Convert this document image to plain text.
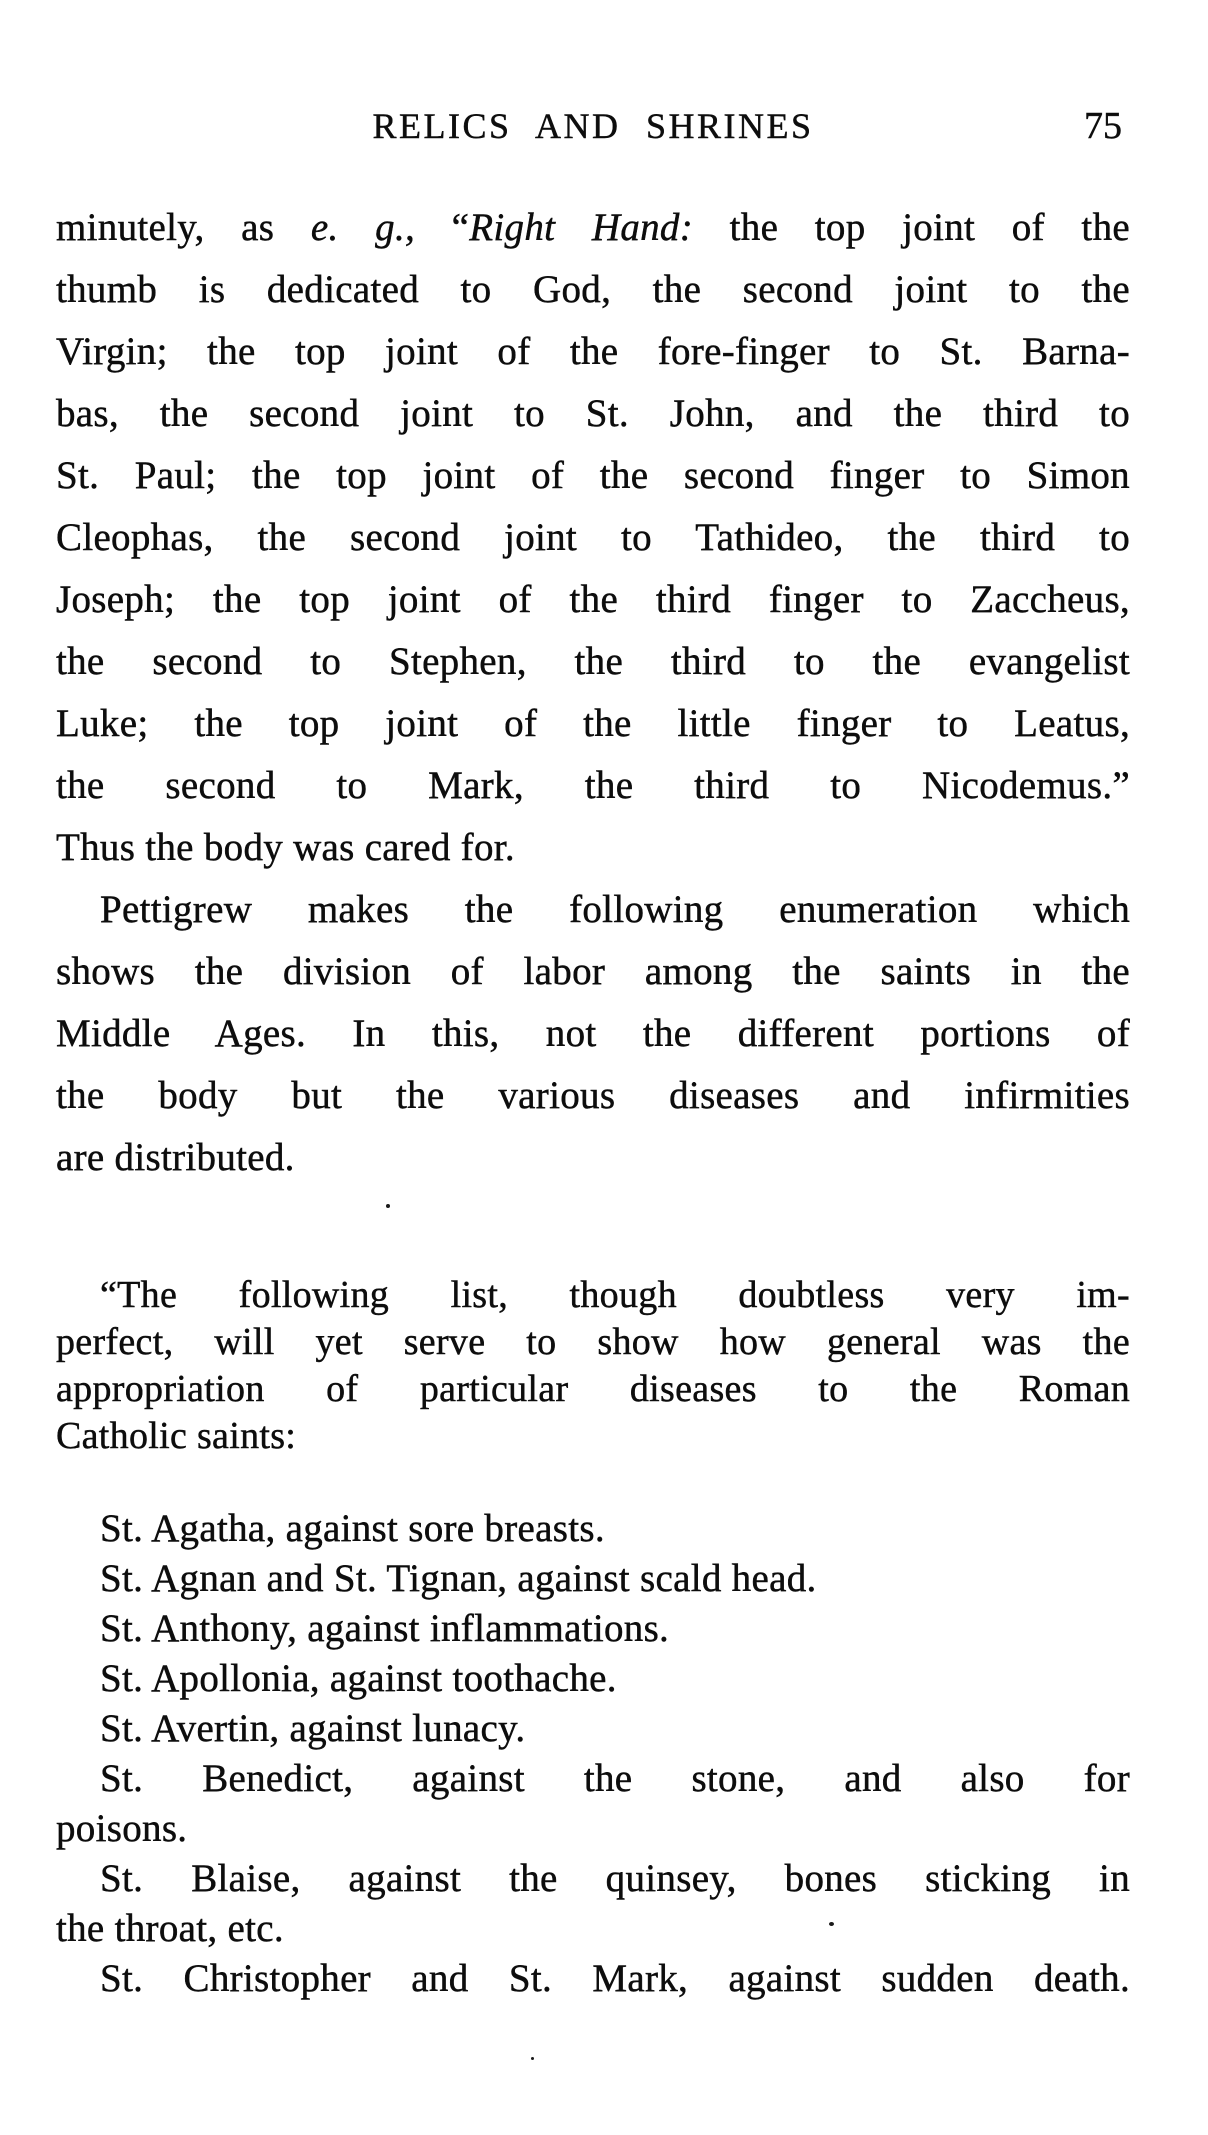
RELICS AND SHRINES	75
minutely, as e. g., “Right Hand: the top joint of the
thumb is dedicated to God, the second joint to the
Virgin; the top joint of the fore-finger to St. Barna-
bas, the second joint to St. John, and the third to
St. Paul; the top joint of the second finger to Simon
Cleophas, the second joint to Tathideo, the third to
Joseph; the top joint of the third finger to Zaccheus,
the second to Stephen, the third to the evangelist
Luke; the top joint of the little finger to Leatus,
the second to Mark, the third to Nicodemus.”
Thus the body was cared for.
Pettigrew makes the following enumeration which
shows the division of labor among the saints in the
Middle Ages. In this, not the different portions of
the body but the various diseases and infirmities
are distributed.
“The following list, though doubtless very im-
perfect, will yet serve to show how general was the
appropriation of particular diseases to the Roman
Catholic saints:
St. Agatha, against sore breasts.
St. Agnan and St. Tignan, against scald head.
St. Anthony, against inflammations.
St. Apollonia, against toothache.
St. Avertin, against lunacy.
St. Benedict, against the stone, and also for
poisons.
St. Blaise, against the quinsey, bones sticking in
the throat, etc.
St. Christopher and St. Mark, against sudden death.
